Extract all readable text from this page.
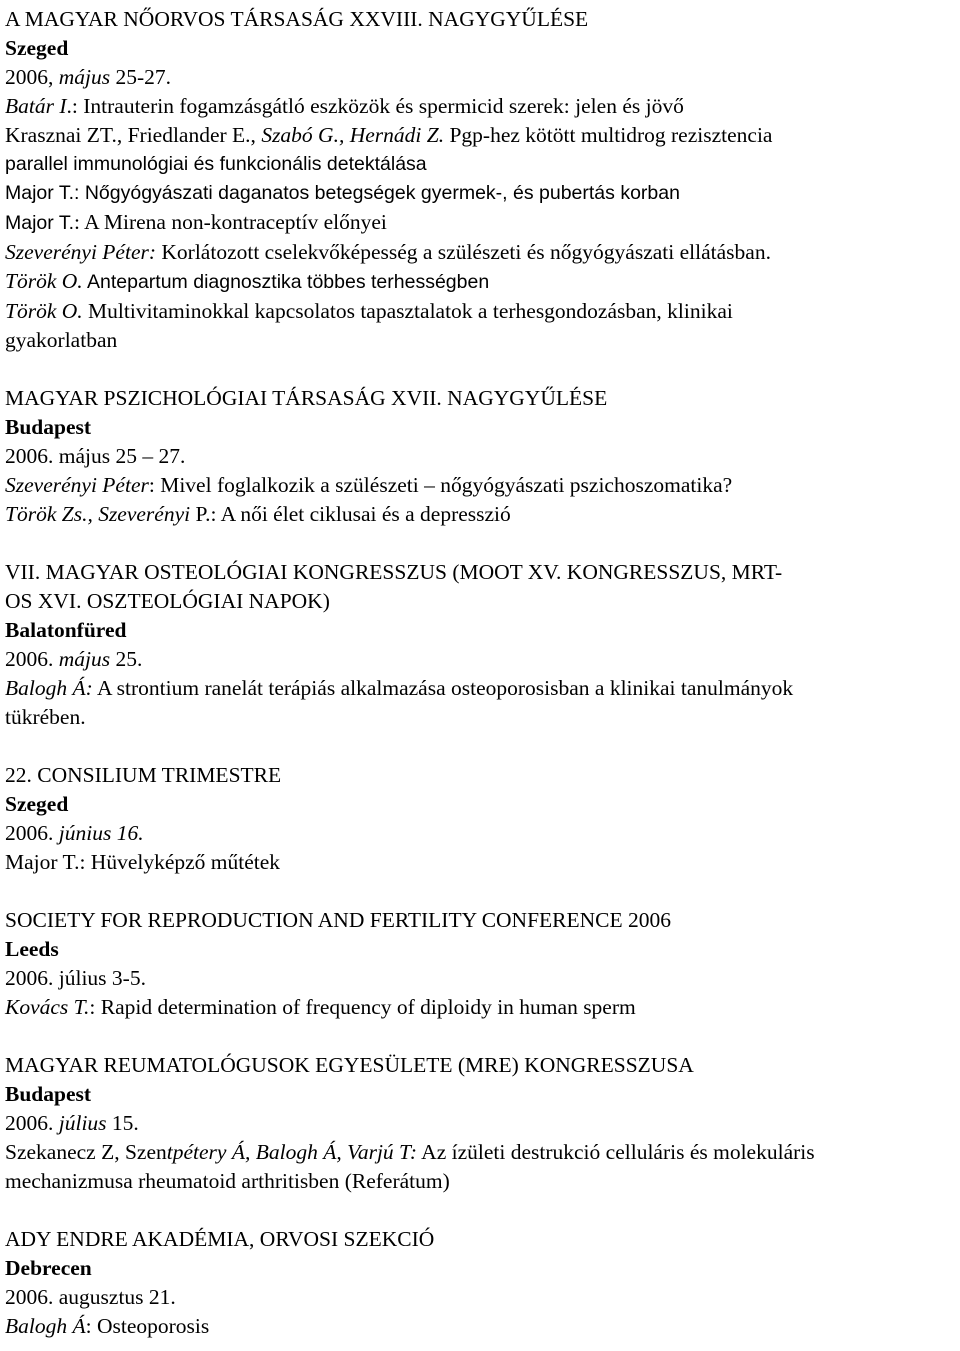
A MAGYAR NŐORVOS TÁRSASÁG XXVIII. NAGYGYŰLÉSE
Szeged
2006, május 25-27.
Batár I.: Intrauterin fogamzásgátló eszközök és spermicid szerek: jelen és jövő
Krasznai ZT., Friedlander E., Szabó G., Hernádi Z. Pgp-hez kötött multidrog rezisztencia
parallel immunológiai és funkcionális detektálása
Major T.: Nőgyógyászati daganatos betegségek gyermek-, és pubertás korban
Major T.: A Mirena non-kontraceptív előnyei
Szeverényi Péter: Korlátozott cselekvőképesség a szülészeti és nőgyógyászati ellátásban.
Török O. Antepartum diagnosztika többes terhességben
Török O. Multivitaminokkal kapcsolatos tapasztalatok a terhesgondozásban, klinikai
gyakorlatban
MAGYAR PSZICHOLÓGIAI TÁRSASÁG XVII. NAGYGYŰLÉSE
Budapest
2006. május 25 – 27.
Szeverényi Péter: Mivel foglalkozik a szülészeti – nőgyógyászati pszichoszomatika?
Török Zs., Szeverényi P.: A női élet ciklusai és a depresszió
VII. MAGYAR OSTEOLÓGIAI KONGRESSZUS (MOOT XV. KONGRESSZUS, MRT-
OS XVI. OSZTEOLÓGIAI NAPOK)
Balatonfüred
2006. május 25.
Balogh Á: A strontium ranelát terápiás alkalmazása osteoporosisban a klinikai tanulmányok
tükrében.
22. CONSILIUM TRIMESTRE
Szeged
2006. június 16.
Major T.: Hüvelyképző műtétek
SOCIETY FOR REPRODUCTION AND FERTILITY CONFERENCE 2006
Leeds
2006. július 3-5.
Kovács T.: Rapid determination of frequency of diploidy in human sperm
MAGYAR REUMATOLÓGUSOK EGYESÜLETE (MRE) KONGRESSZUSA
Budapest
2006. július 15.
Szekanecz Z, Szentpétery Á, Balogh Á, Varjú T: Az ízületi destrukció celluláris és molekuláris
mechanizmusa rheumatoid arthritisben (Referátum)
ADY ENDRE AKADÉMIA, ORVOSI SZEKCIÓ
Debrecen
2006. augusztus 21.
Balogh Á: Osteoporosis
